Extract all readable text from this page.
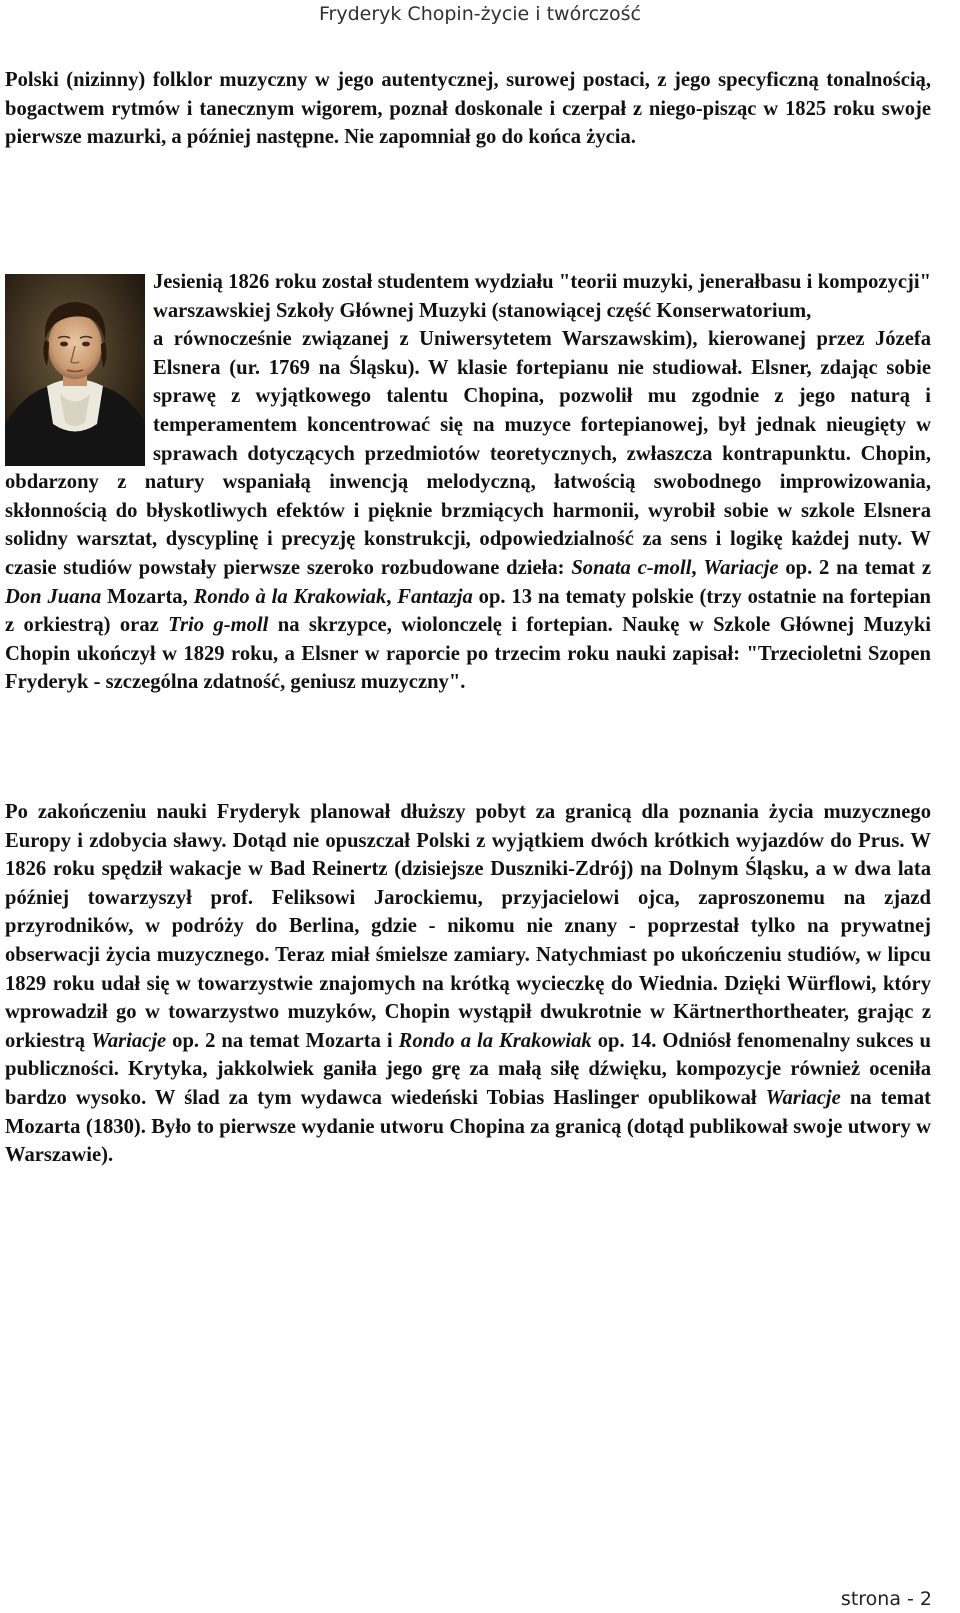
Fryderyk Chopin-życie i twórczość

Polski (nizinny) folklor muzyczny w jego autentycznej, surowej postaci, z jego specyficzną tonalnością, bogactwem rytmów i tanecznym wigorem, poznał doskonale i czerpał z niego-pisząc w 1825 roku swoje pierwsze mazurki, a później następne. Nie zapomniał go do końca życia.

Jesienią 1826 roku został studentem wydziału "teorii muzyki, jenerałbasu i kompozycji" warszawskiej Szkoły Głównej Muzyki (stanowiącej część Konserwatorium,
a równocześnie związanej z Uniwersytetem Warszawskim), kierowanej przez Józefa Elsnera (ur. 1769 na Śląsku). W klasie fortepianu nie studiował. Elsner, zdając sobie sprawę z wyjątkowego talentu Chopina, pozwolił mu zgodnie z jego naturą i temperamentem koncentrować się na muzyce fortepianowej, był jednak nieugięty w sprawach dotyczących przedmiotów teoretycznych, zwłaszcza kontrapunktu. Chopin, obdarzony z natury wspaniałą inwencją melodyczną, łatwością swobodnego improwizowania, skłonnością do błyskotliwych efektów i pięknie brzmiących harmonii, wyrobił sobie w szkole Elsnera solidny warsztat, dyscyplinę i precyzję konstrukcji, odpowiedzialność za sens i logikę każdej nuty. W czasie studiów powstały pierwsze szeroko rozbudowane dzieła: Sonata c-moll, Wariacje op. 2 na temat z Don Juana Mozarta, Rondo à la Krakowiak, Fantazja op. 13 na tematy polskie (trzy ostatnie na fortepian z orkiestrą) oraz Trio g-moll na skrzypce, wiolonczelę i fortepian. Naukę w Szkole Głównej Muzyki Chopin ukończył w 1829 roku, a Elsner w raporcie po trzecim roku nauki zapisał: "Trzecioletni Szopen Fryderyk - szczególna zdatność, geniusz muzyczny".

Po zakończeniu nauki Fryderyk planował dłuższy pobyt za granicą dla poznania życia muzycznego Europy i zdobycia sławy. Dotąd nie opuszczał Polski z wyjątkiem dwóch krótkich wyjazdów do Prus. W 1826 roku spędził wakacje w Bad Reinertz (dzisiejsze Duszniki-Zdrój) na Dolnym Śląsku, a w dwa lata później towarzyszył prof. Feliksowi Jarockiemu, przyjacielowi ojca, zaproszonemu na zjazd przyrodników, w podróży do Berlina, gdzie - nikomu nie znany - poprzestał tylko na prywatnej obserwacji życia muzycznego. Teraz miał śmielsze zamiary. Natychmiast po ukończeniu studiów, w lipcu 1829 roku udał się w towarzystwie znajomych na krótką wycieczkę do Wiednia. Dzięki Würflowi, który wprowadził go w towarzystwo muzyków, Chopin wystąpił dwukrotnie w Kärtnerthortheater, grając z orkiestrą Wariacje op. 2 na temat Mozarta i Rondo a la Krakowiak op. 14. Odniósł fenomenalny sukces u publiczności. Krytyka, jakkolwiek ganiła jego grę za małą siłę dźwięku, kompozycje również oceniła bardzo wysoko. W ślad za tym wydawca wiedeński Tobias Haslinger opublikował Wariacje na temat Mozarta (1830). Było to pierwsze wydanie utworu Chopina za granicą (dotąd publikował swoje utwory w Warszawie).

strona - 2
